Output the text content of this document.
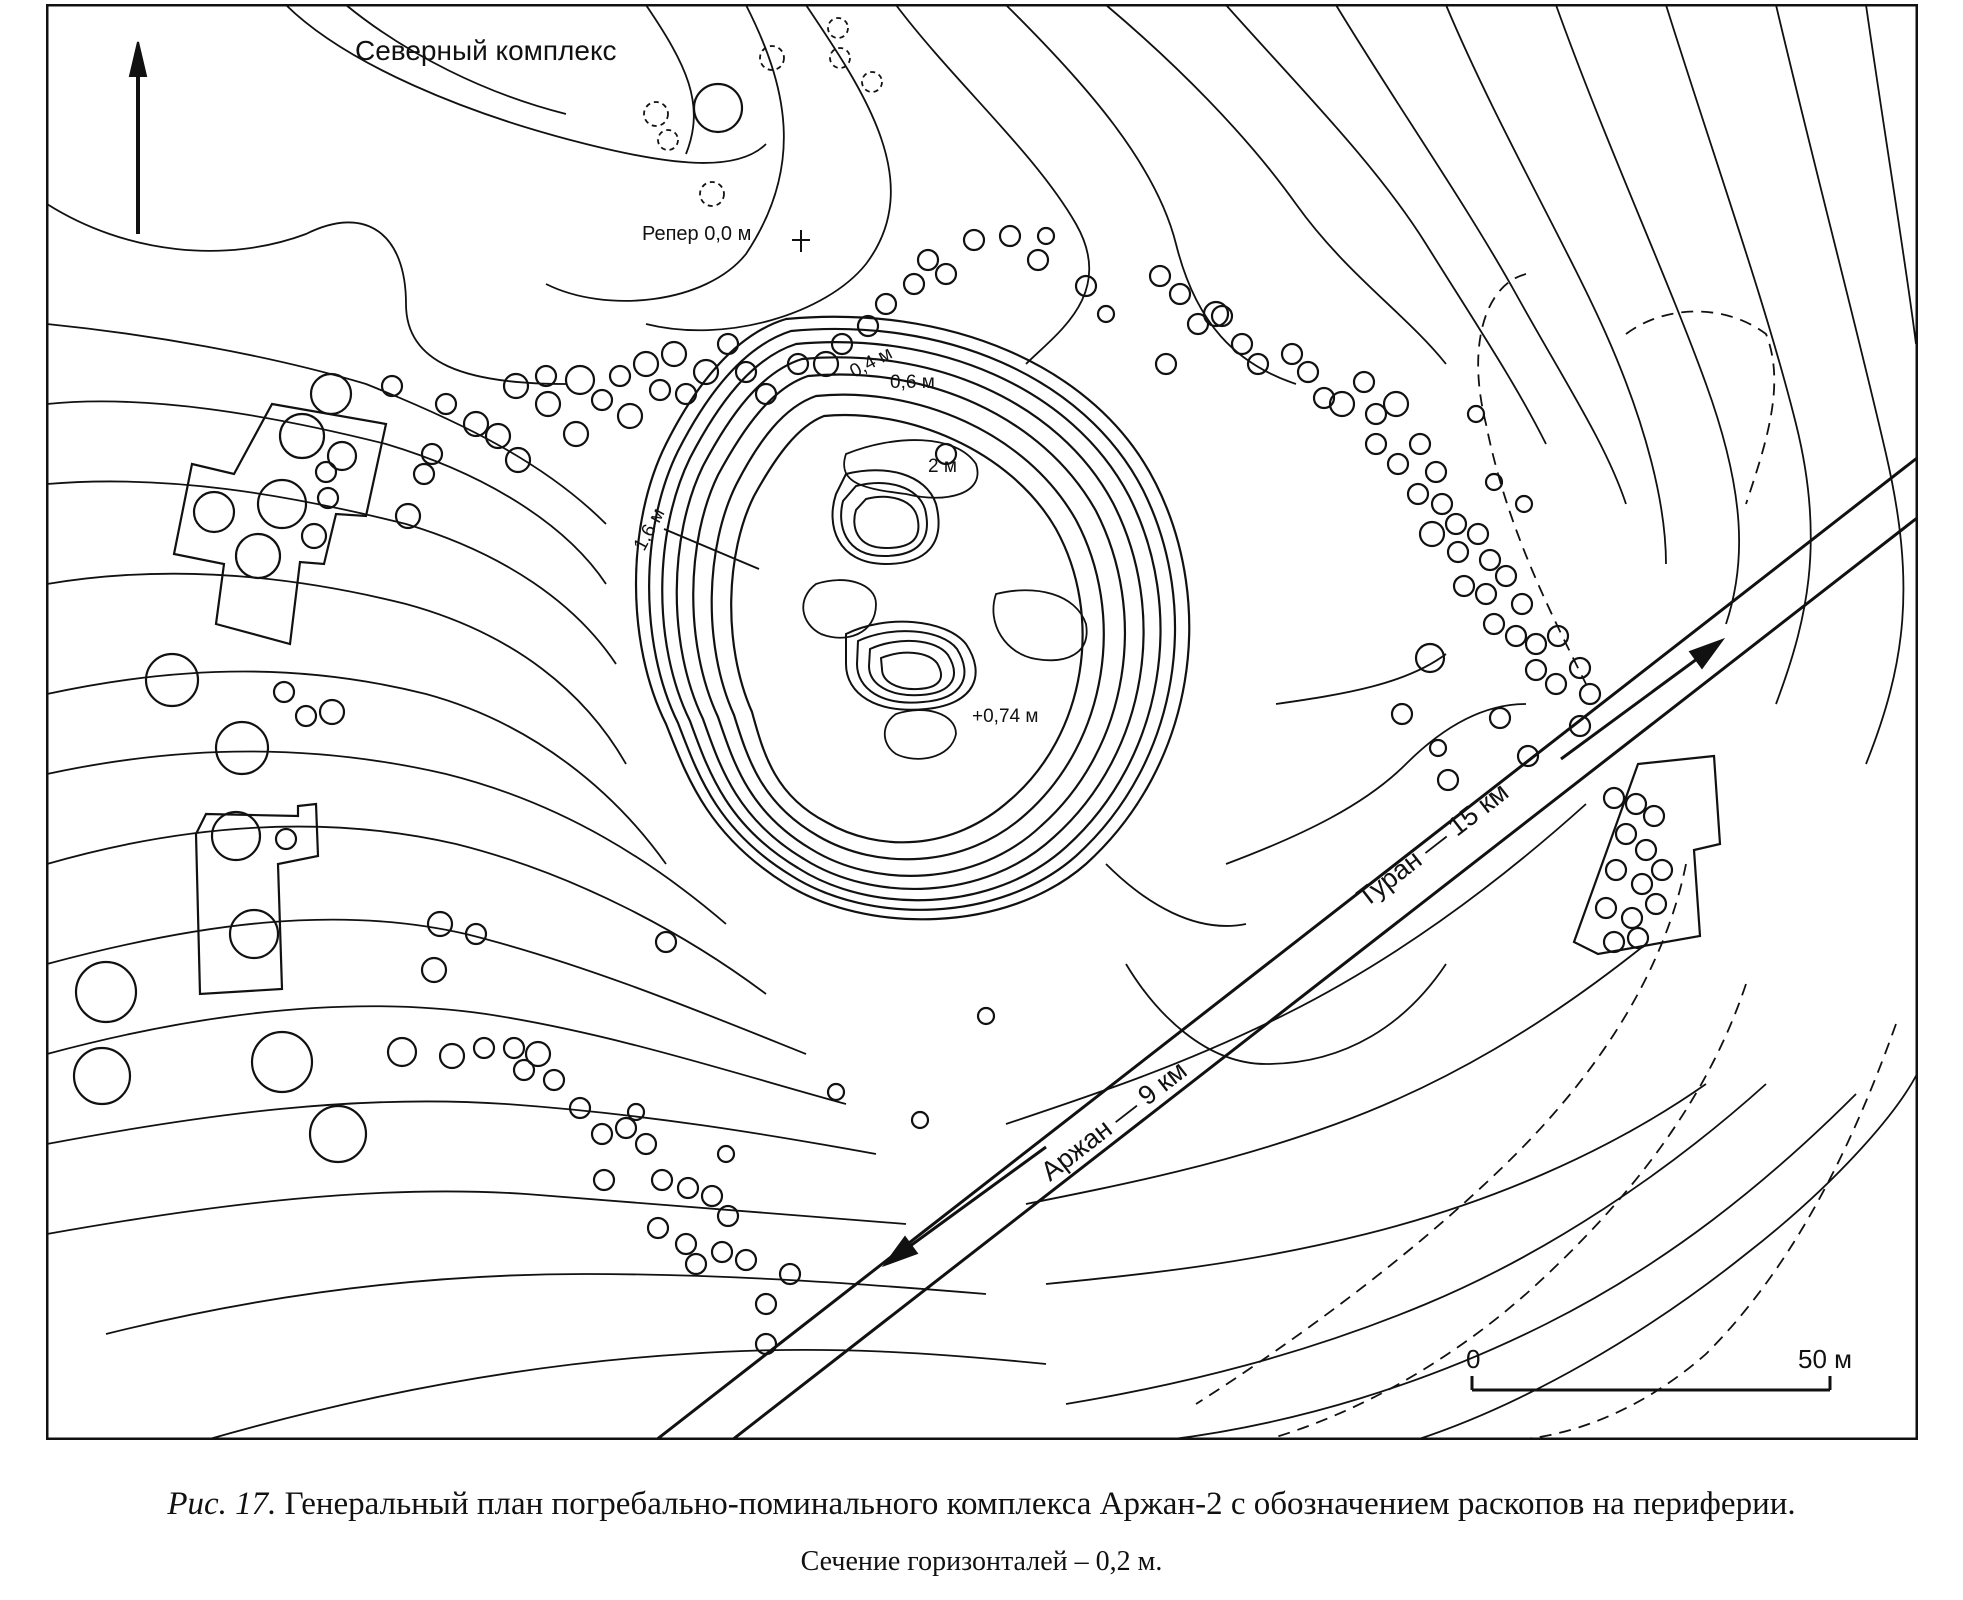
Северный комплекс
Репер 0,0 м
0,4 м
0,6 м
1,6 м
2 м
+0,74 м
Туран — 15 км
Аржан — 9 км
0	50 м
Рис. 17. Генеральный план погребально-поминального комплекса Аржан-2 с обозначением раскопов на периферии.
Сечение горизонталей – 0,2 м.
